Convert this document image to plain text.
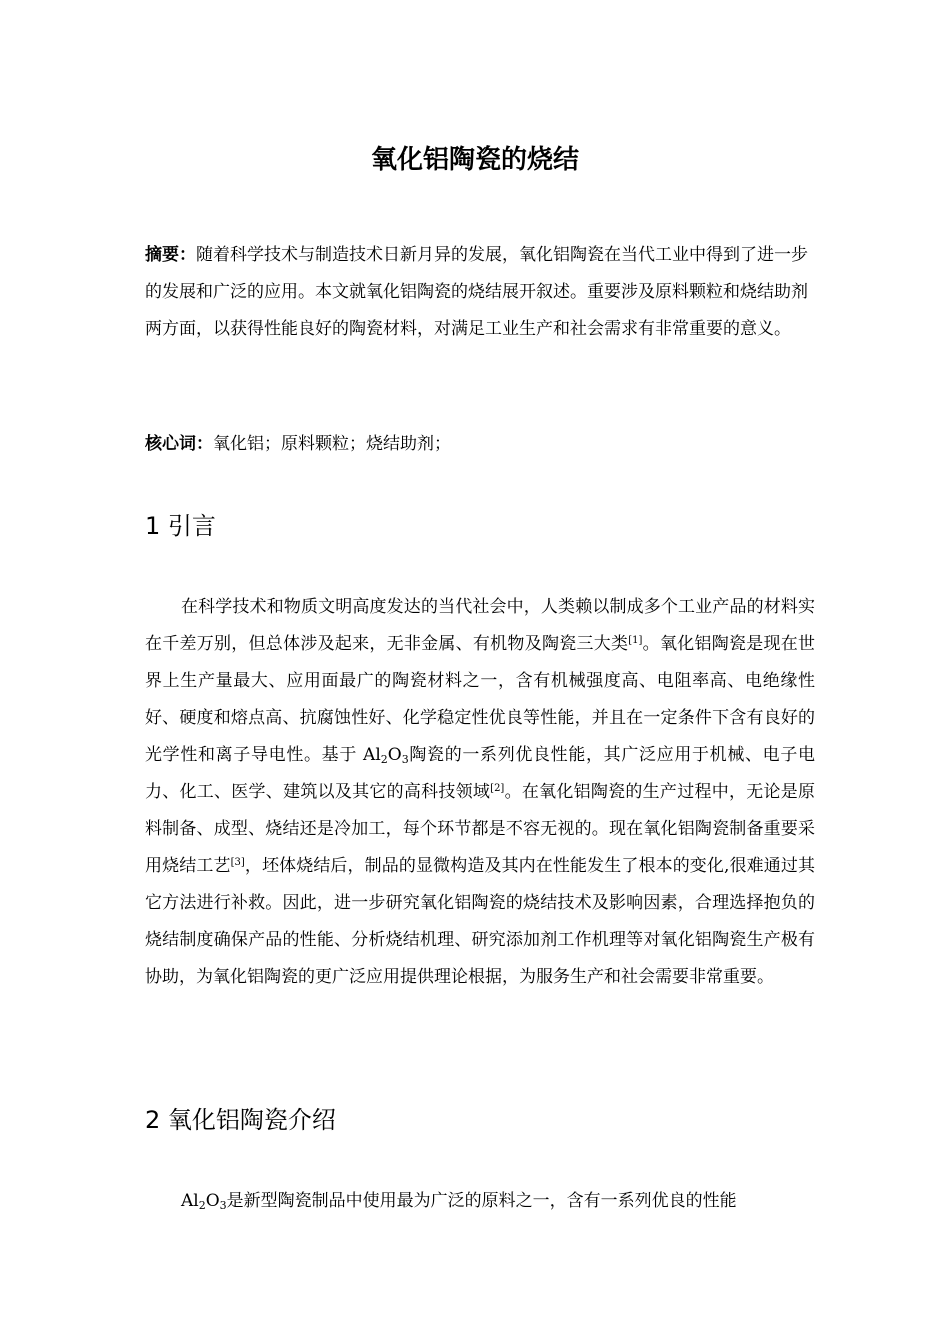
氧化铝陶瓷的烧结

摘要：随着科学技术与制造技术日新月异的发展，氧化铝陶瓷在当代工业中得到了进一步的发展和广泛的应用。本文就氧化铝陶瓷的烧结展开叙述。重要涉及原料颗粒和烧结助剂两方面，以获得性能良好的陶瓷材料，对满足工业生产和社会需求有非常重要的意义。

核心词：氧化铝；原料颗粒；烧结助剂；

1 引言

在科学技术和物质文明高度发达的当代社会中，人类赖以制成多个工业产品的材料实在千差万别，但总体涉及起来，无非金属、有机物及陶瓷三大类[1]。氧化铝陶瓷是现在世界上生产量最大、应用面最广的陶瓷材料之一，含有机械强度高、电阻率高、电绝缘性好、硬度和熔点高、抗腐蚀性好、化学稳定性优良等性能，并且在一定条件下含有良好的光学性和离子导电性。基于 $Al_2O_3$陶瓷的一系列优良性能，其广泛应用于机械、电子电力、化工、医学、建筑以及其它的高科技领域[2]。在氧化铝陶瓷的生产过程中，无论是原料制备、成型、烧结还是冷加工，每个环节都是不容无视的。现在氧化铝陶瓷制备重要采用烧结工艺[3]，坯体烧结后，制品的显微构造及其内在性能发生了根本的变化,很难通过其它方法进行补救。因此，进一步研究氧化铝陶瓷的烧结技术及影响因素，合理选择抱负的烧结制度确保产品的性能、分析烧结机理、研究添加剂工作机理等对氧化铝陶瓷生产极有协助，为氧化铝陶瓷的更广泛应用提供理论根据，为服务生产和社会需要非常重要。

2 氧化铝陶瓷介绍

$Al_2O_3$是新型陶瓷制品中使用最为广泛的原料之一，含有一系列优良的性能
